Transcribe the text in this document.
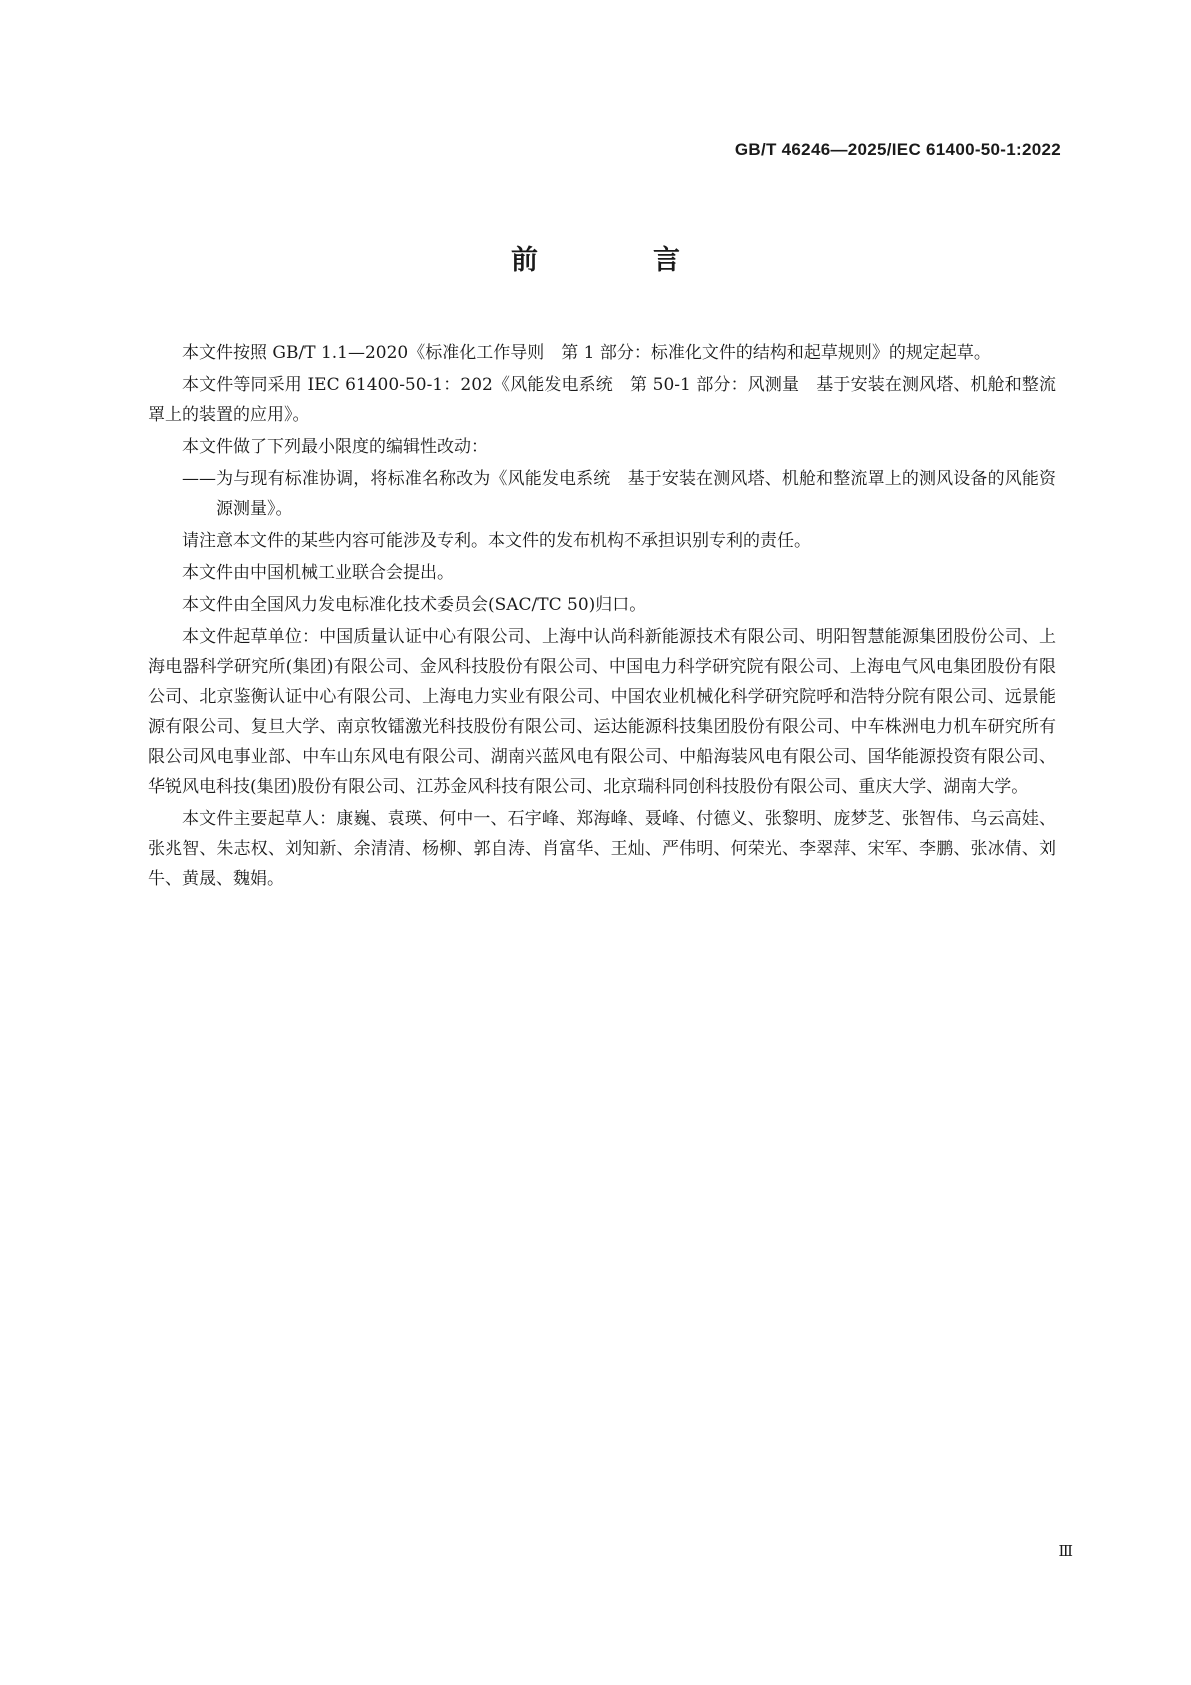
GB/T 46246—2025/IEC 61400-50-1:2022
前　言

本文件按照 GB/T 1.1—2020《标准化工作导则　第 1 部分：标准化文件的结构和起草规则》的规定起草。

本文件等同采用 IEC 61400-50-1：202《风能发电系统　第 50-1 部分：风测量　基于安装在测风塔、机舱和整流罩上的装置的应用》。

本文件做了下列最小限度的编辑性改动：

——为与现有标准协调，将标准名称改为《风能发电系统　基于安装在测风塔、机舱和整流罩上的测风设备的风能资源测量》。

请注意本文件的某些内容可能涉及专利。本文件的发布机构不承担识别专利的责任。

本文件由中国机械工业联合会提出。

本文件由全国风力发电标准化技术委员会(SAC/TC 50)归口。

本文件起草单位：中国质量认证中心有限公司、上海中认尚科新能源技术有限公司、明阳智慧能源集团股份公司、上海电器科学研究所(集团)有限公司、金风科技股份有限公司、中国电力科学研究院有限公司、上海电气风电集团股份有限公司、北京鉴衡认证中心有限公司、上海电力实业有限公司、中国农业机械化科学研究院呼和浩特分院有限公司、远景能源有限公司、复旦大学、南京牧镭激光科技股份有限公司、运达能源科技集团股份有限公司、中车株洲电力机车研究所有限公司风电事业部、中车山东风电有限公司、湖南兴蓝风电有限公司、中船海装风电有限公司、国华能源投资有限公司、华锐风电科技(集团)股份有限公司、江苏金风科技有限公司、北京瑞科同创科技股份有限公司、重庆大学、湖南大学。

本文件主要起草人：康巍、袁瑛、何中一、石宇峰、郑海峰、聂峰、付德义、张黎明、庞梦芝、张智伟、乌云高娃、张兆智、朱志权、刘知新、余清清、杨柳、郭自涛、肖富华、王灿、严伟明、何荣光、李翠萍、宋军、李鹏、张冰倩、刘牛、黄晟、魏娟。

Ⅲ
